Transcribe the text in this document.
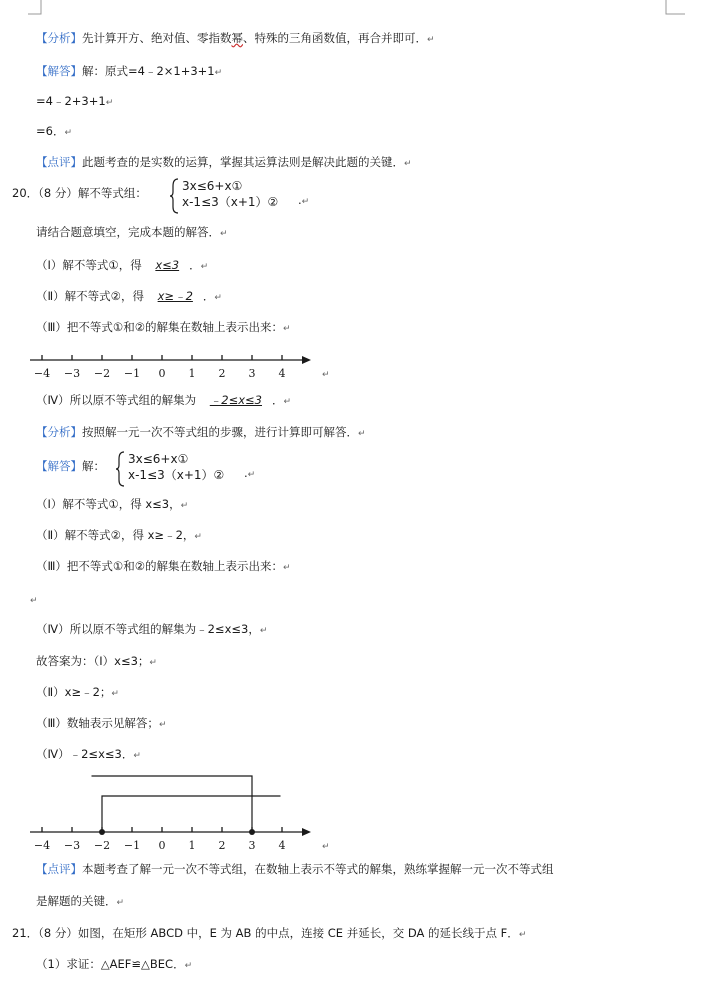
【分析】先计算开方、绝对值、零指数幂、特殊的三角函数值，再合并即可．↵
【解答】解：原式=4﹣2×1+3+1↵
=4﹣2+3+1↵
=6．↵
【点评】此题考查的是实数的运算，掌握其运算法则是解决此题的关键．↵
20．（8 分）解不等式组：	3x≤6+x①
x-1≤3（x+1）② .↵
请结合题意填空，完成本题的解答．↵
（Ⅰ）解不等式①，得 x≤3 ．↵
（Ⅱ）解不等式②，得 x≥﹣2 ．↵
（Ⅲ）把不等式①和②的解集在数轴上表示出来：↵
−4 −3 −2 −1 0 1 2 3 4	↵
（Ⅳ）所以原不等式组的解集为 ﹣2≤x≤3 ．↵
【分析】按照解一元一次不等式组的步骤，进行计算即可解答．↵
【解答】解： 3x≤6+x①
x-1≤3（x+1）② .↵
（Ⅰ）解不等式①，得 x≤3，↵
（Ⅱ）解不等式②，得 x≥﹣2，↵
（Ⅲ）把不等式①和②的解集在数轴上表示出来：↵
↵
（Ⅳ）所以原不等式组的解集为﹣2≤x≤3，↵
故答案为：（Ⅰ）x≤3；↵
（Ⅱ）x≥﹣2；↵
（Ⅲ）数轴表示见解答；↵
（Ⅳ）﹣2≤x≤3．↵
−4 −3 −2 −1 0 1 2 3 4	↵
【点评】本题考查了解一元一次不等式组，在数轴上表示不等式的解集，熟练掌握解一元一次不等式组
是解题的关键．↵
21．（8 分）如图，在矩形 ABCD 中，E 为 AB 的中点，连接 CE 并延长，交 DA 的延长线于点 F．↵
（1）求证：△AEF≌△BEC．↵
